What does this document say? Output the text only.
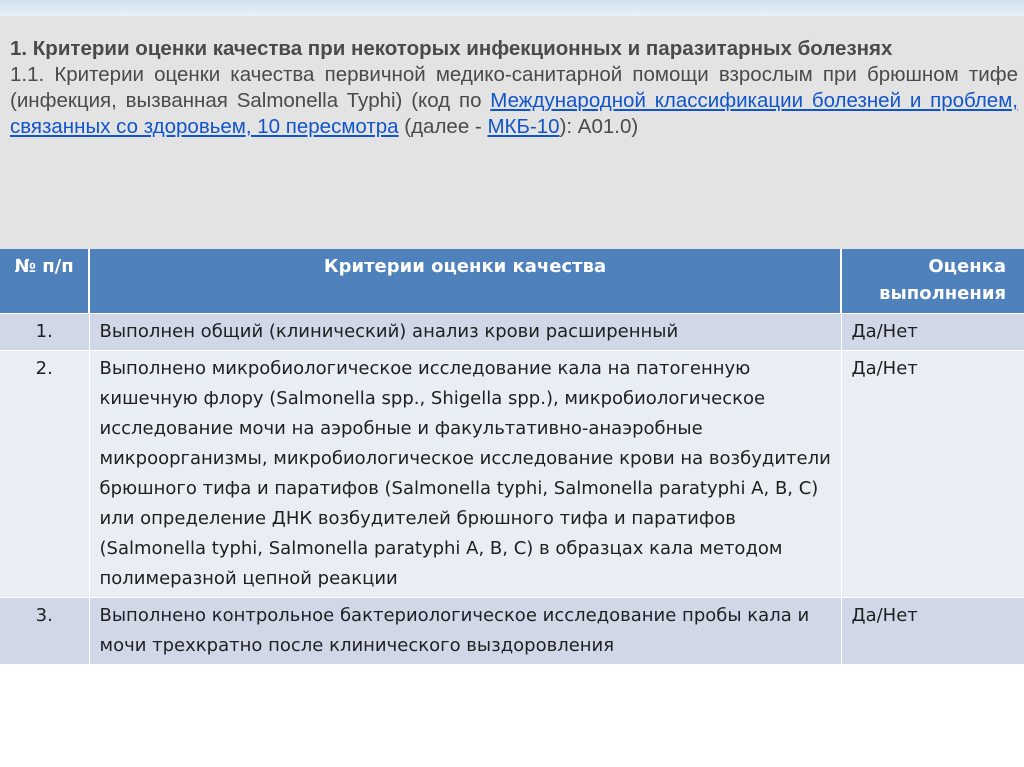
1. Критерии оценки качества при некоторых инфекционных и паразитарных болезнях

1.1. Критерии оценки качества первичной медико-санитарной помощи взрослым при брюшном тифе (инфекция, вызванная Salmonella Typhi) (код по Международной классификации болезней и проблем, связанных со здоровьем, 10 пересмотра (далее - МКБ-10): A01.0)

№ п/п	Критерии оценки качества	Оценка выполнения
1.	Выполнен общий (клинический) анализ крови расширенный	Да/Нет
2.	Выполнено микробиологическое исследование кала на патогенную кишечную флору (Salmonella spp., Shigella spp.), микробиологическое исследование мочи на аэробные и факультативно-анаэробные микроорганизмы, микробиологическое исследование крови на возбудители брюшного тифа и паратифов (Salmonella typhi, Salmonella paratyphi A, B, C) или определение ДНК возбудителей брюшного тифа и паратифов (Salmonella typhi, Salmonella paratyphi A, B, C) в образцах кала методом полимеразной цепной реакции	Да/Нет
3.	Выполнено контрольное бактериологическое исследование пробы кала и мочи трехкратно после клинического выздоровления	Да/Нет
